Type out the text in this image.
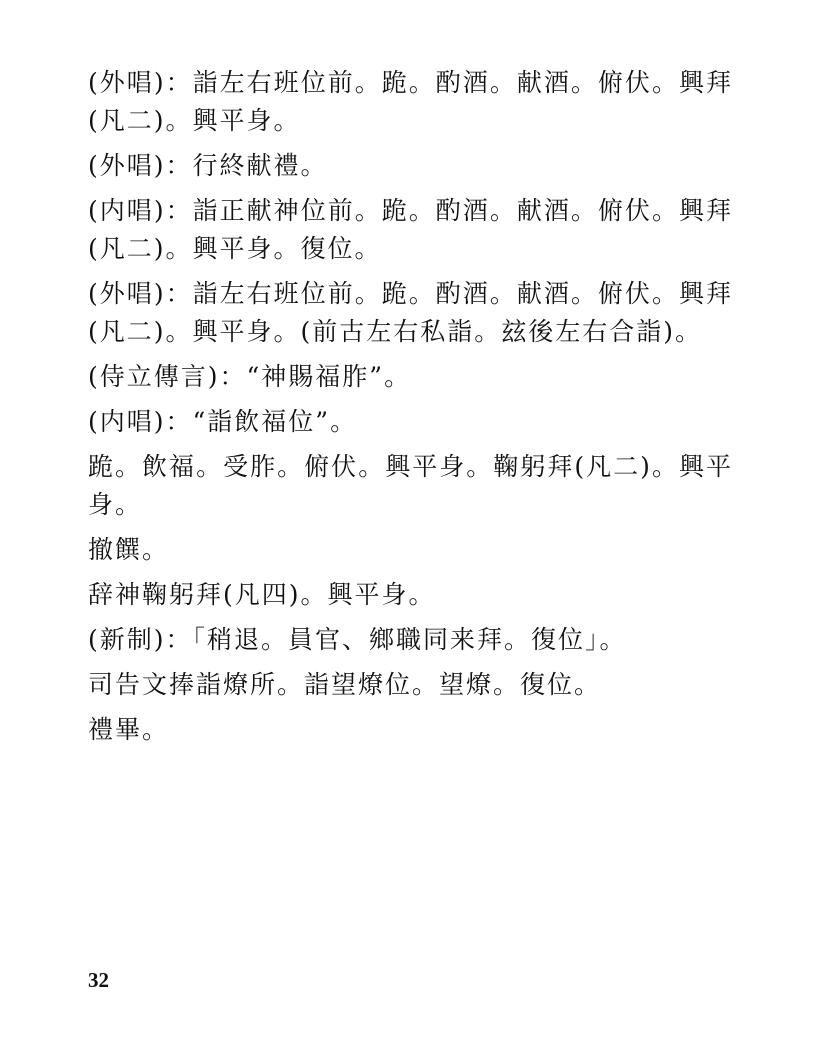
(外唱)：詣左右班位前。跪。酌酒。献酒。俯伏。興拜(凡二)。興平身。

(外唱)：行終献禮。

(内唱)：詣正献神位前。跪。酌酒。献酒。俯伏。興拜(凡二)。興平身。復位。

(外唱)：詣左右班位前。跪。酌酒。献酒。俯伏。興拜(凡二)。興平身。(前古左右私詣。玆後左右合詣)。

(侍立傳言)：“神賜福胙”。

(内唱)：“詣飲福位”。

跪。飲福。受胙。俯伏。興平身。鞠躬拜(凡二)。興平身。

撤饌。

辞神鞠躬拜(凡四)。興平身。

(新制)：「稍退。員官、鄉職同来拜。復位」。

司告文捧詣燎所。詣望燎位。望燎。復位。

禮畢。

32
